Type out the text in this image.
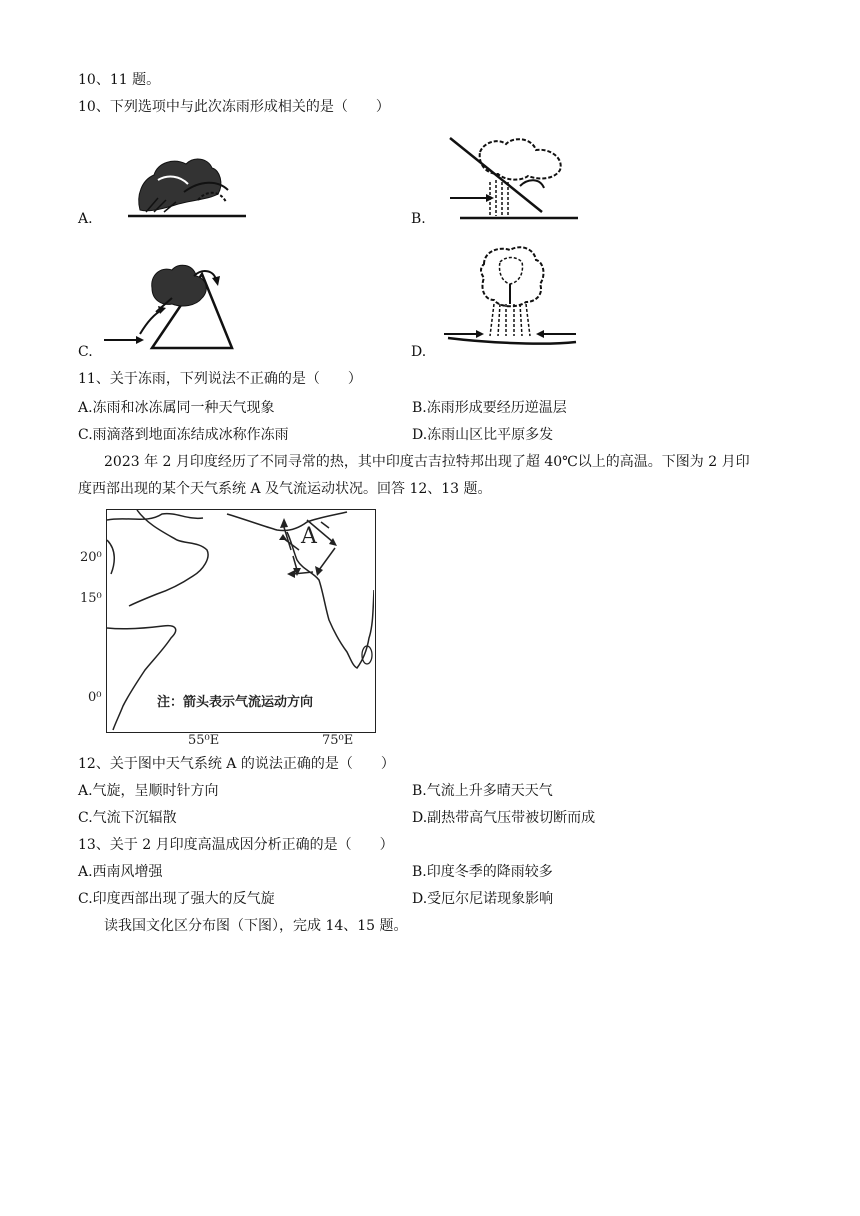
10、11 题。
10、下列选项中与此次冻雨形成相关的是（　　）
A.	B.
C.	D.
11、关于冻雨，下列说法不正确的是（　　）
A.冻雨和冰冻属同一种天气现象	B.冻雨形成要经历逆温层
C.雨滴落到地面冻结成冰称作冻雨	D.冻雨山区比平原多发
2023 年 2 月印度经历了不同寻常的热，其中印度古吉拉特邦出现了超 40℃以上的高温。下图为 2 月印
度西部出现的某个天气系统 A 及气流运动状况。回答 12、13 题。
A
注：箭头表示气流运动方向
20⁰
15⁰
0⁰
55⁰E	75⁰E
12、关于图中天气系统 A 的说法正确的是（　　）
A.气旋，呈顺时针方向	B.气流上升多晴天天气
C.气流下沉辐散	D.副热带高气压带被切断而成
13、关于 2 月印度高温成因分析正确的是（　　）
A.西南风增强	B.印度冬季的降雨较多
C.印度西部出现了强大的反气旋	D.受厄尔尼诺现象影响
读我国文化区分布图（下图），完成 14、15 题。
